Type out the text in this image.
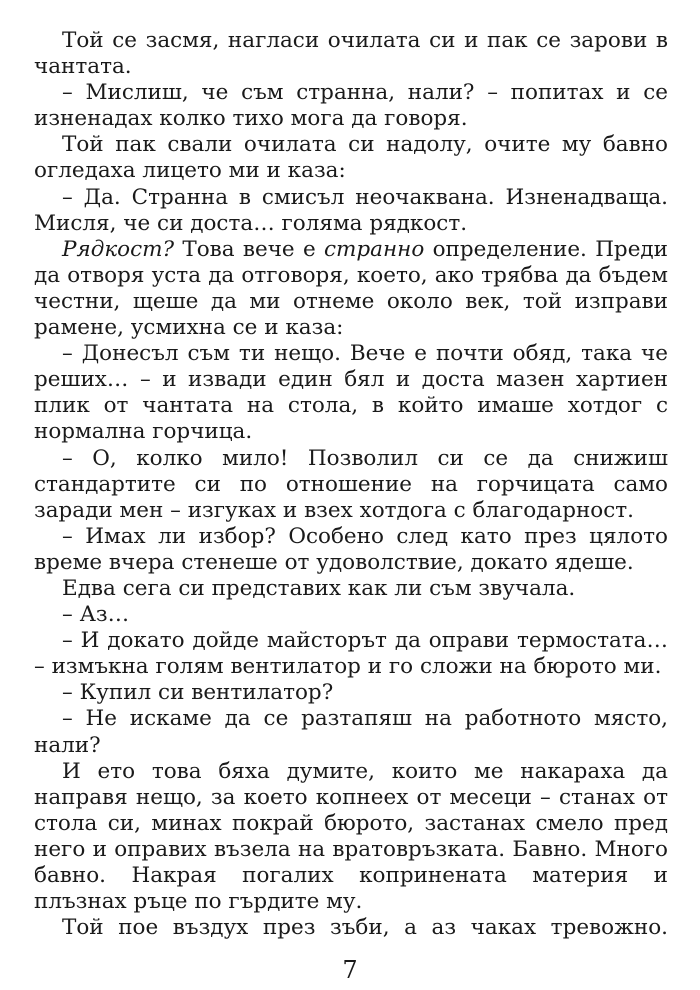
Той се засмя, нагласи очилата си и пак се зарови в чантата.

– Мислиш, че съм странна, нали? – попитах и се изненадах колко тихо мога да говоря.

Той пак свали очилата си надолу, очите му бавно огледаха лицето ми и каза:

– Да. Странна в смисъл неочаквана. Изненадваща. Мисля, че си доста… голяма рядкост.

Рядкост? Това вече е странно определение. Преди да отворя уста да отговоря, което, ако трябва да бъдем честни, щеше да ми отнеме около век, той изправи рамене, усмихна се и каза:

– Донесъл съм ти нещо. Вече е почти обяд, така че реших… – и извади един бял и доста мазен хартиен плик от чантата на стола, в който имаше хотдог с нормална горчица.

– О, колко мило! Позволил си се да снижиш стандартите си по отношение на горчицата само заради мен – изгуках и взех хотдога с благодарност.

– Имах ли избор? Особено след като през цялото време вчера стенеше от удоволствие, докато ядеше.

Едва сега си представих как ли съм звучала.

– Аз…

– И докато дойде майсторът да оправи термостата… – измъкна голям вентилатор и го сложи на бюрото ми.

– Купил си вентилатор?

– Не искаме да се разтапяш на работното място, нали?

И ето това бяха думите, които ме накараха да направя нещо, за което копнеех от месеци – станах от стола си, минах покрай бюрото, застанах смело пред него и оправих възела на вратовръзката. Бавно. Много бавно. Накрая погалих копринената материя и плъзнах ръце по гърдите му.

Той пое въздух през зъби, а аз чаках тревожно.

7
